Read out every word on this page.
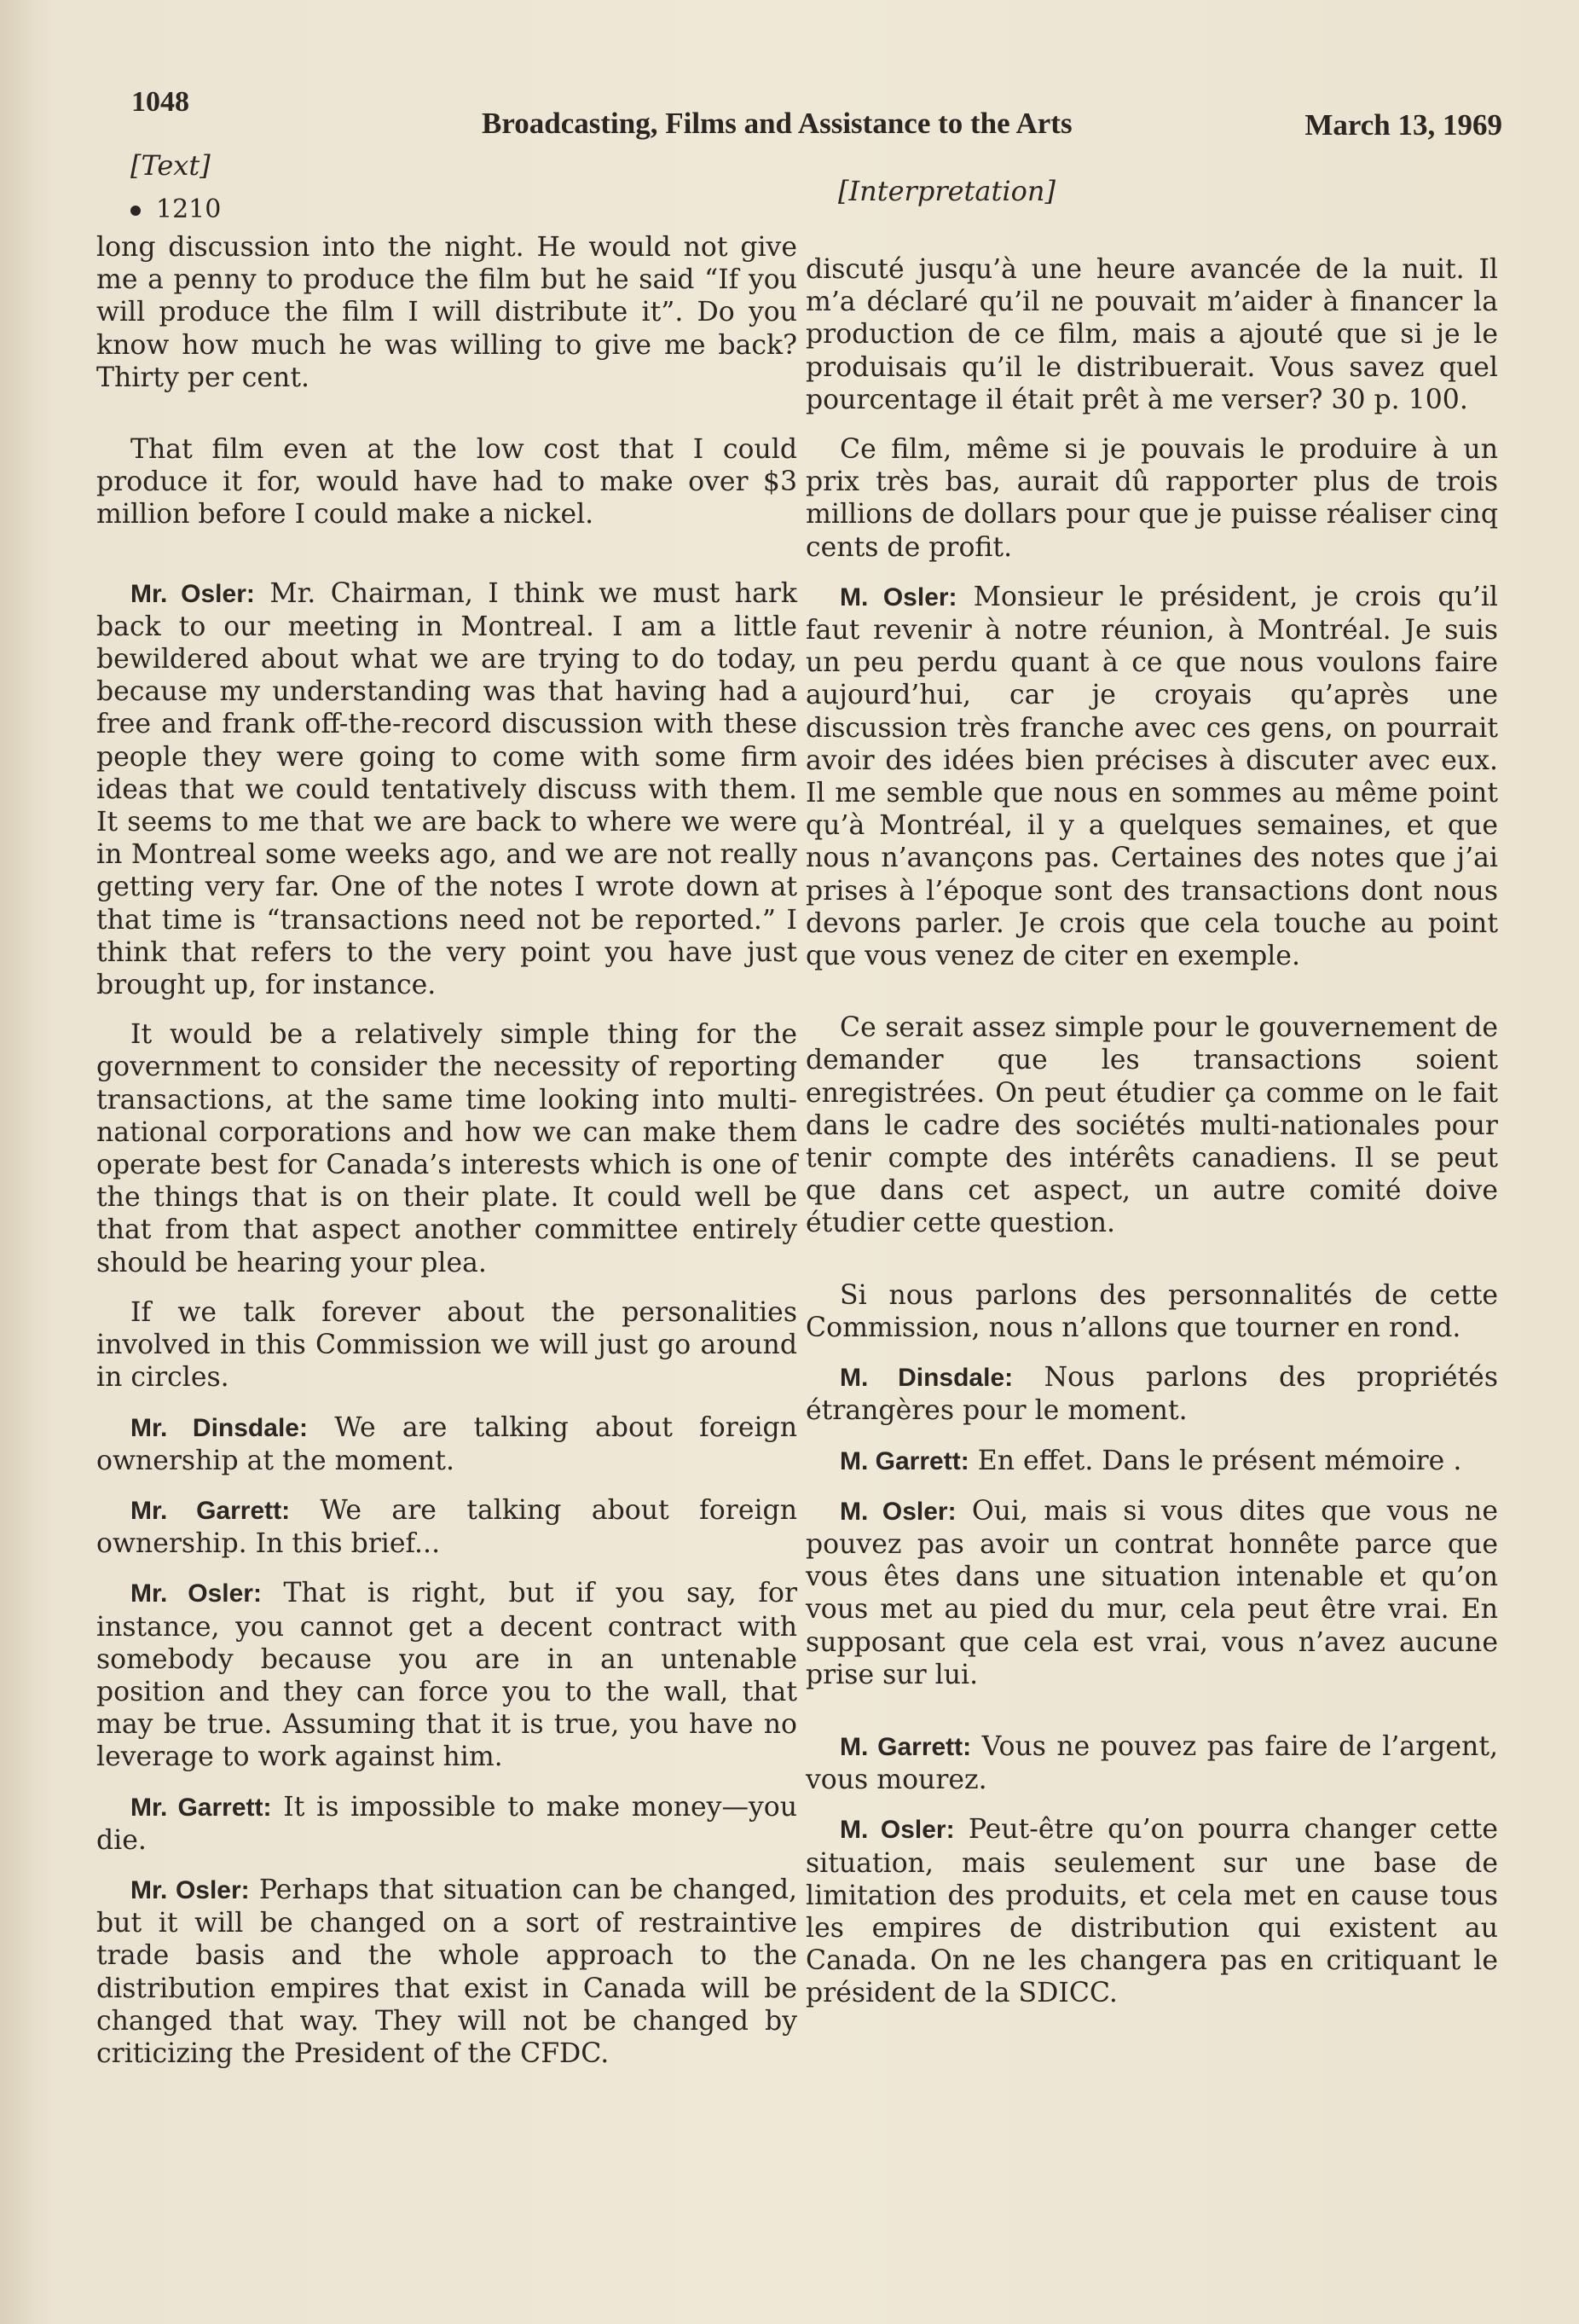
1048
Broadcasting, Films and Assistance to the Arts	March 13, 1969
[Text]
1210

long discussion into the night. He would not give me a penny to produce the film but he said “If you will produce the film I will distribute it”. Do you know how much he was willing to give me back? Thirty per cent.

That film even at the low cost that I could produce it for, would have had to make over $3 million before I could make a nickel.

Mr. Osler: Mr. Chairman, I think we must hark back to our meeting in Montreal. I am a little bewildered about what we are trying to do today, because my understanding was that having had a free and frank off-the-record discussion with these people they were going to come with some firm ideas that we could tentatively discuss with them. It seems to me that we are back to where we were in Montreal some weeks ago, and we are not really getting very far. One of the notes I wrote down at that time is “transactions need not be reported.” I think that refers to the very point you have just brought up, for instance.

It would be a relatively simple thing for the government to consider the necessity of reporting transactions, at the same time looking into multi-national corporations and how we can make them operate best for Canada’s interests which is one of the things that is on their plate. It could well be that from that aspect another committee entirely should be hearing your plea.

If we talk forever about the personalities involved in this Commission we will just go around in circles.

Mr. Dinsdale: We are talking about foreign ownership at the moment.

Mr. Garrett: We are talking about foreign ownership. In this brief...

Mr. Osler: That is right, but if you say, for instance, you cannot get a decent contract with somebody because you are in an untenable position and they can force you to the wall, that may be true. Assuming that it is true, you have no leverage to work against him.

Mr. Garrett: It is impossible to make money—you die.

Mr. Osler: Perhaps that situation can be changed, but it will be changed on a sort of restraintive trade basis and the whole approach to the distribution empires that exist in Canada will be changed that way. They will not be changed by criticizing the President of the CFDC.

[Interpretation]

discuté jusqu’à une heure avancée de la nuit. Il m’a déclaré qu’il ne pouvait m’aider à financer la production de ce film, mais a ajouté que si je le produisais qu’il le distribuerait. Vous savez quel pourcentage il était prêt à me verser? 30 p. 100.

Ce film, même si je pouvais le produire à un prix très bas, aurait dû rapporter plus de trois millions de dollars pour que je puisse réaliser cinq cents de profit.

M. Osler: Monsieur le président, je crois qu’il faut revenir à notre réunion, à Montréal. Je suis un peu perdu quant à ce que nous voulons faire aujourd’hui, car je croyais qu’après une discussion très franche avec ces gens, on pourrait avoir des idées bien précises à discuter avec eux. Il me semble que nous en sommes au même point qu’à Montréal, il y a quelques semaines, et que nous n’avançons pas. Certaines des notes que j’ai prises à l’époque sont des transactions dont nous devons parler. Je crois que cela touche au point que vous venez de citer en exemple.

Ce serait assez simple pour le gouvernement de demander que les transactions soient enregistrées. On peut étudier ça comme on le fait dans le cadre des sociétés multi-nationales pour tenir compte des intérêts canadiens. Il se peut que dans cet aspect, un autre comité doive étudier cette question.

Si nous parlons des personnalités de cette Commission, nous n’allons que tourner en rond.

M. Dinsdale: Nous parlons des propriétés étrangères pour le moment.

M. Garrett: En effet. Dans le présent mémoire .

M. Osler: Oui, mais si vous dites que vous ne pouvez pas avoir un contrat honnête parce que vous êtes dans une situation intenable et qu’on vous met au pied du mur, cela peut être vrai. En supposant que cela est vrai, vous n’avez aucune prise sur lui.

M. Garrett: Vous ne pouvez pas faire de l’argent, vous mourez.

M. Osler: Peut-être qu’on pourra changer cette situation, mais seulement sur une base de limitation des produits, et cela met en cause tous les empires de distribution qui existent au Canada. On ne les changera pas en critiquant le président de la SDICC.
